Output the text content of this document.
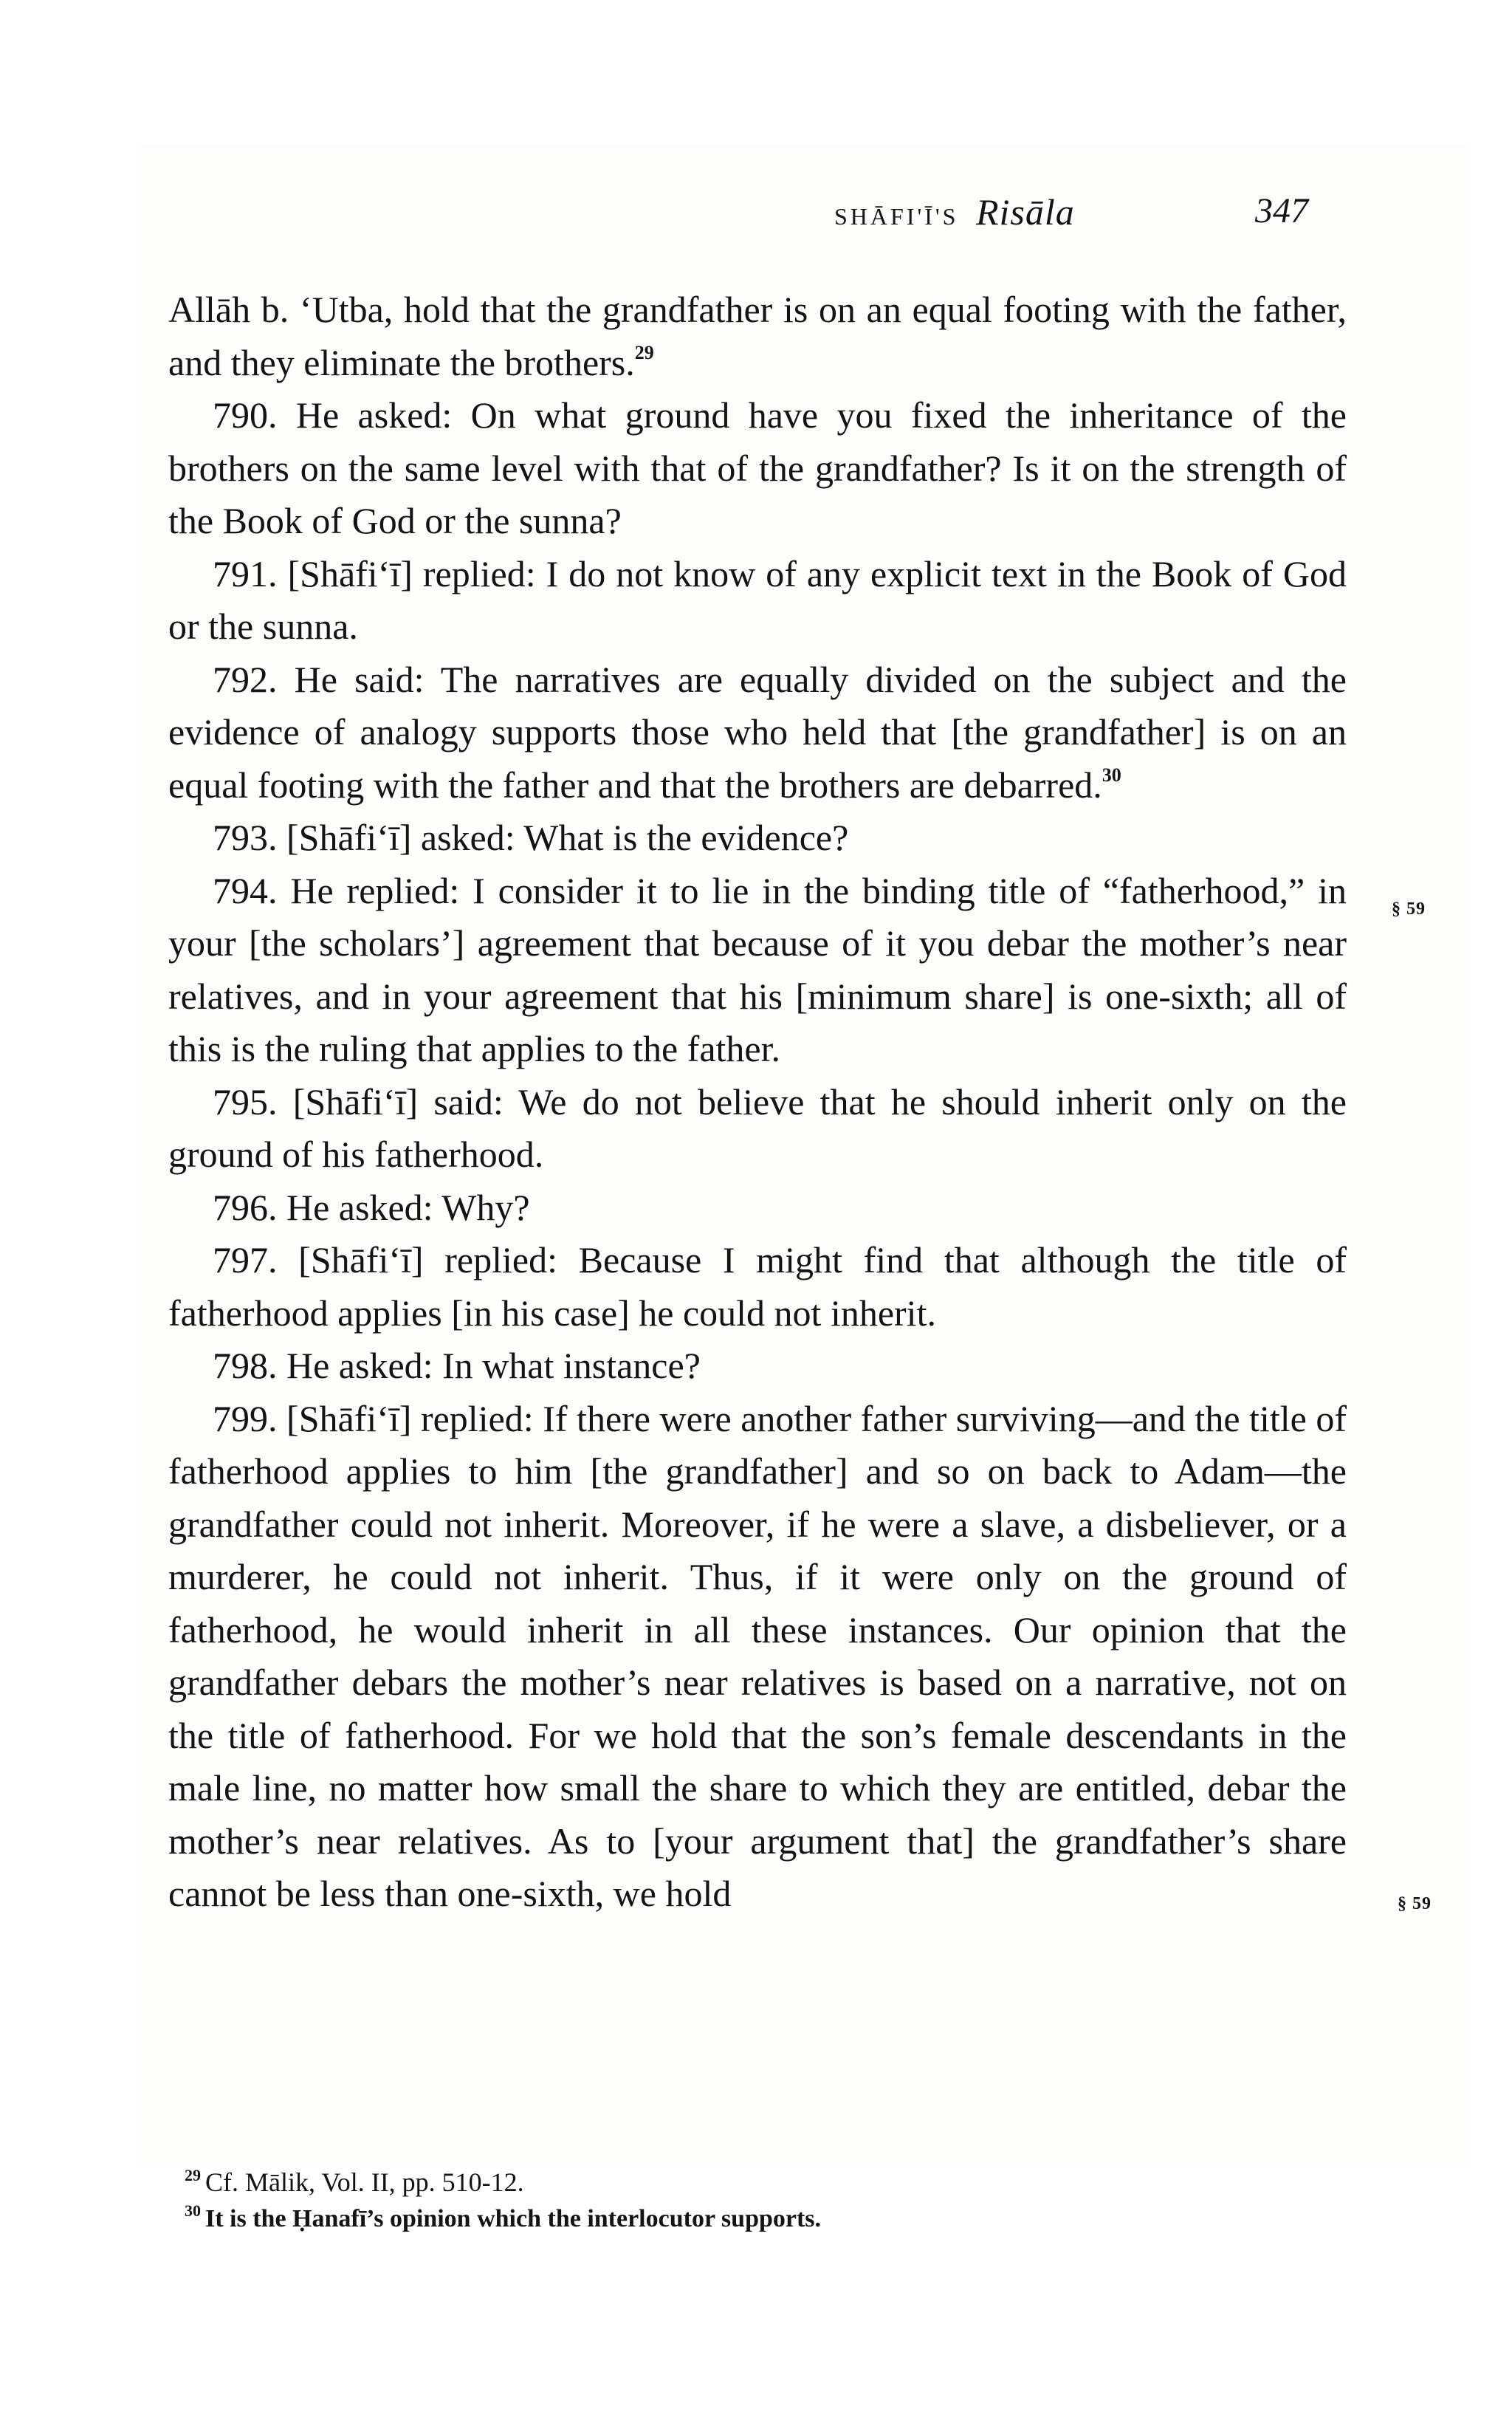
SHĀFI'Ī'S Risāla	347

Allāh b. ʻUtba, hold that the grandfather is on an equal footing with the father, and they eliminate the brothers.$^{29}$

790. He asked: On what ground have you fixed the inheritance of the brothers on the same level with that of the grandfather? Is it on the strength of the Book of God or the sunna?

791. [Shāfiʻī] replied: I do not know of any explicit text in the Book of God or the sunna.

792. He said: The narratives are equally divided on the subject and the evidence of analogy supports those who held that [the grandfather] is on an equal footing with the father and that the brothers are debarred.$^{30}$

793. [Shāfiʻī] asked: What is the evidence?

794. He replied: I consider it to lie in the binding title of “fatherhood,” in your [the scholars’] agreement that because of it you debar the mother’s near relatives, and in your agreement that his [minimum share] is one-sixth; all of this is the ruling that applies to the father.

795. [Shāfiʻī] said: We do not believe that he should inherit only on the ground of his fatherhood.

796. He asked: Why?

797. [Shāfiʻī] replied: Because I might find that although the title of fatherhood applies [in his case] he could not inherit.

798. He asked: In what instance?

799. [Shāfiʻī] replied: If there were another father surviving—and the title of fatherhood applies to him [the grandfather] and so on back to Adam—the grandfather could not inherit. Moreover, if he were a slave, a disbeliever, or a murderer, he could not inherit. Thus, if it were only on the ground of fatherhood, he would inherit in all these instances. Our opinion that the grandfather debars the mother’s near relatives is based on a narrative, not on the title of fatherhood. For we hold that the son’s female descendants in the male line, no matter how small the share to which they are entitled, debar the mother’s near relatives. As to [your argument that] the grandfather’s share cannot be less than one-sixth, we hold

§ 59
§ 59

$^{29}$ Cf. Mālik, Vol. II, pp. 510-12.

$^{30}$ It is the Ḥanafī’s opinion which the interlocutor supports.
